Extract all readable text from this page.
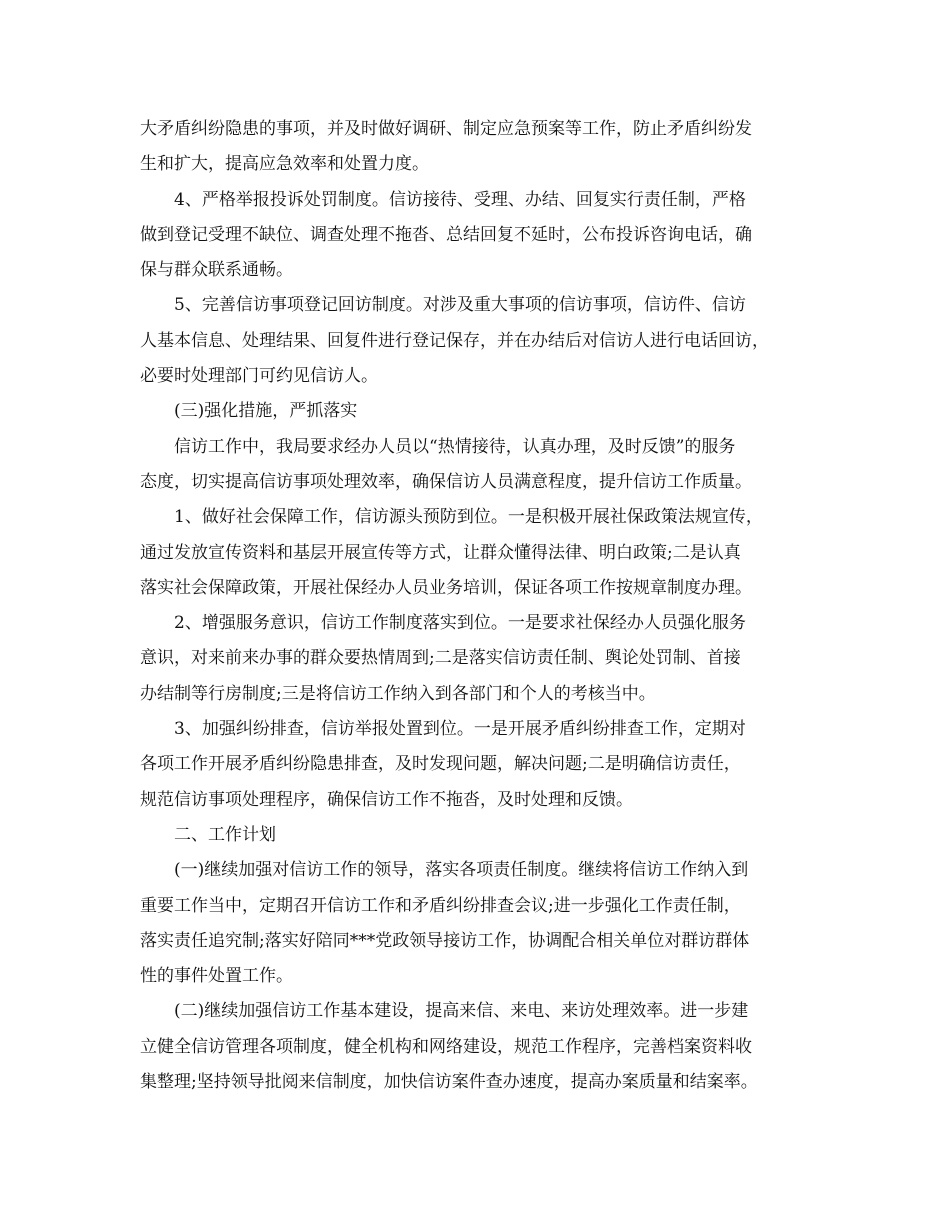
大矛盾纠纷隐患的事项，并及时做好调研、制定应急预案等工作，防止矛盾纠纷发
生和扩大，提高应急效率和处置力度。
4、严格举报投诉处罚制度。信访接待、受理、办结、回复实行责任制，严格
做到登记受理不缺位、调查处理不拖沓、总结回复不延时，公布投诉咨询电话，确
保与群众联系通畅。
5、完善信访事项登记回访制度。对涉及重大事项的信访事项，信访件、信访
人基本信息、处理结果、回复件进行登记保存，并在办结后对信访人进行电话回访，
必要时处理部门可约见信访人。
(三)强化措施，严抓落实
信访工作中，我局要求经办人员以“热情接待，认真办理，及时反馈”的服务
态度，切实提高信访事项处理效率，确保信访人员满意程度，提升信访工作质量。
1、做好社会保障工作，信访源头预防到位。一是积极开展社保政策法规宣传，
通过发放宣传资料和基层开展宣传等方式，让群众懂得法律、明白政策;二是认真
落实社会保障政策，开展社保经办人员业务培训，保证各项工作按规章制度办理。
2、增强服务意识，信访工作制度落实到位。一是要求社保经办人员强化服务
意识，对来前来办事的群众要热情周到;二是落实信访责任制、舆论处罚制、首接
办结制等行房制度;三是将信访工作纳入到各部门和个人的考核当中。
3、加强纠纷排查，信访举报处置到位。一是开展矛盾纠纷排查工作，定期对
各项工作开展矛盾纠纷隐患排查，及时发现问题，解决问题;二是明确信访责任，
规范信访事项处理程序，确保信访工作不拖沓，及时处理和反馈。
二、工作计划
(一)继续加强对信访工作的领导，落实各项责任制度。继续将信访工作纳入到
重要工作当中，定期召开信访工作和矛盾纠纷排查会议;进一步强化工作责任制，
落实责任追究制;落实好陪同***党政领导接访工作，协调配合相关单位对群访群体
性的事件处置工作。
(二)继续加强信访工作基本建设，提高来信、来电、来访处理效率。进一步建
立健全信访管理各项制度，健全机构和网络建设，规范工作程序，完善档案资料收
集整理;坚持领导批阅来信制度，加快信访案件查办速度，提高办案质量和结案率。
